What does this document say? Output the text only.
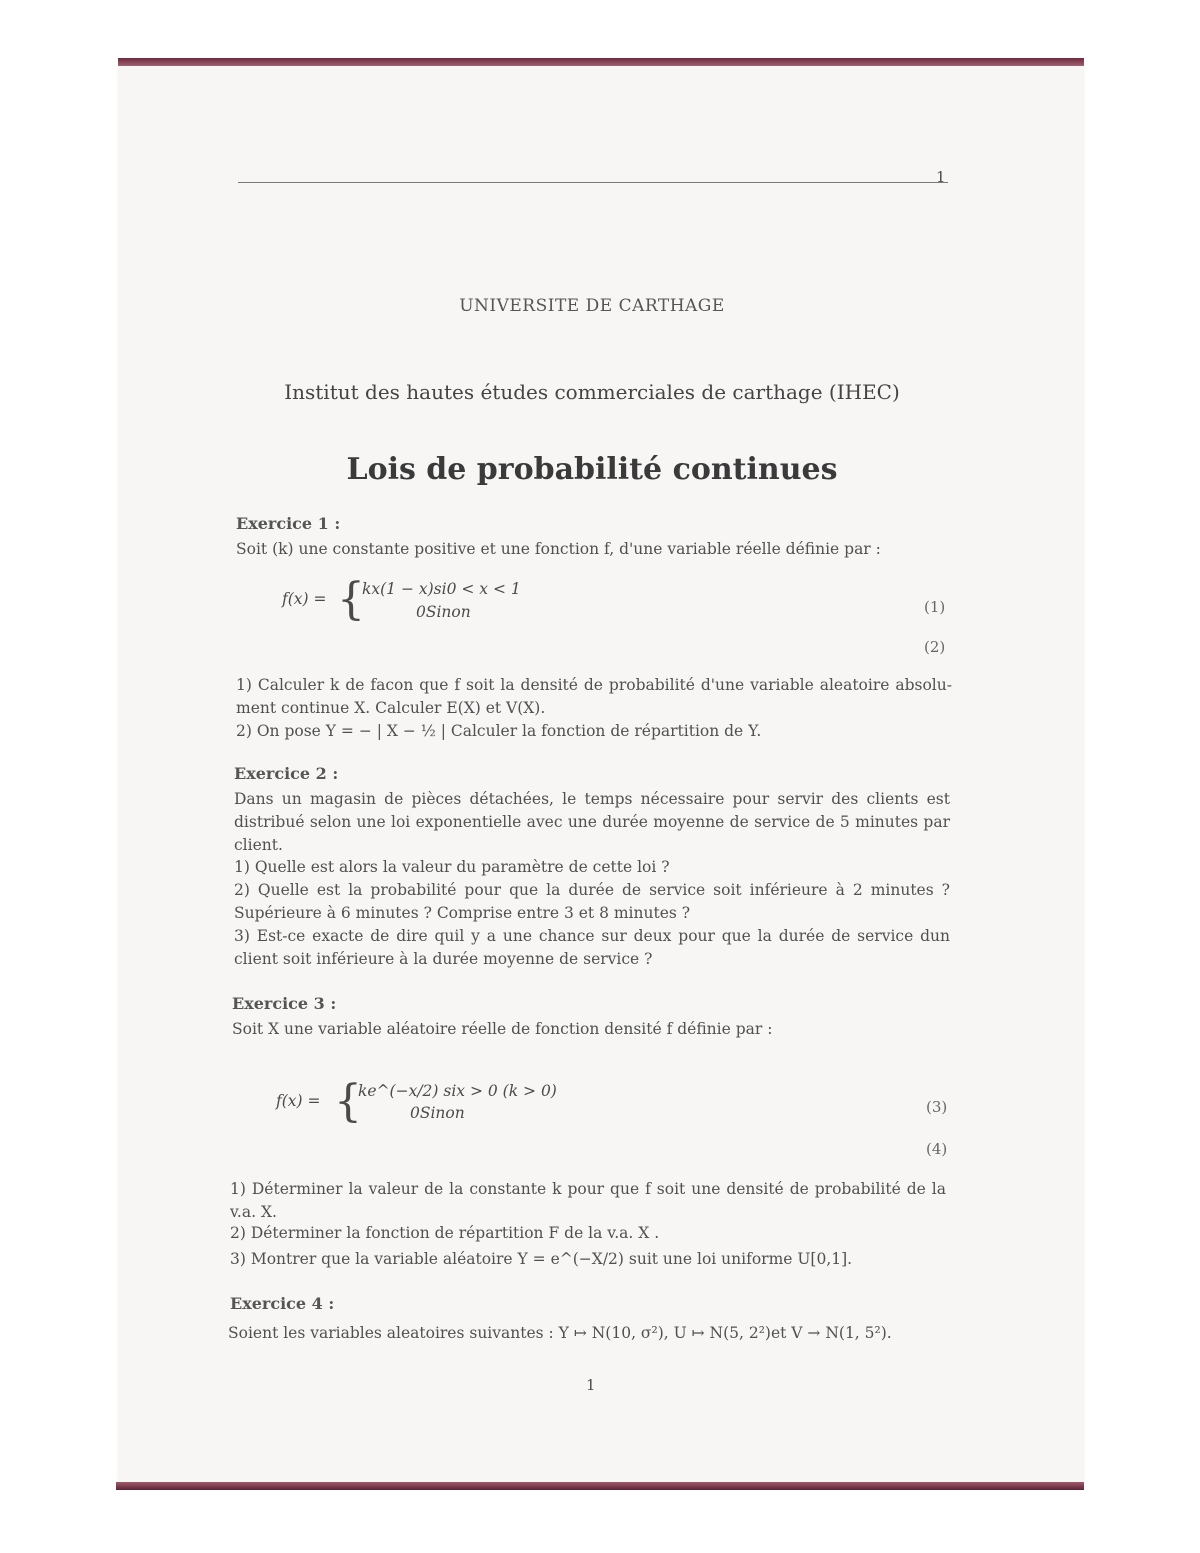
1
UNIVERSITE DE CARTHAGE
Institut des hautes études commerciales de carthage (IHEC)
Lois de probabilité continues
Exercice 1 :
Soit (k) une constante positive et une fonction f, d'une variable réelle définie par :
f(x) = {
kx(1 − x)si0 < x < 1
0Sinon	(1)
(2)
1) Calculer k de facon que f soit la densité de probabilité d'une variable aleatoire absolu-ment continue X. Calculer E(X) et V(X).
2) On pose Y = − | X − ½ | Calculer la fonction de répartition de Y.
Exercice 2 :
Dans un magasin de pièces détachées, le temps nécessaire pour servir des clients est distribué selon une loi exponentielle avec une durée moyenne de service de 5 minutes par client.
1) Quelle est alors la valeur du paramètre de cette loi ?
2) Quelle est la probabilité pour que la durée de service soit inférieure à 2 minutes ? Supérieure à 6 minutes ? Comprise entre 3 et 8 minutes ?
3) Est-ce exacte de dire quil y a une chance sur deux pour que la durée de service dun client soit inférieure à la durée moyenne de service ?
Exercice 3 :
Soit X une variable aléatoire réelle de fonction densité f définie par :
f(x) = {
ke^(−x/2) six > 0 (k > 0)
0Sinon	(3)
(4)
1) Déterminer la valeur de la constante k pour que f soit une densité de probabilité de la v.a. X.
2) Déterminer la fonction de répartition F de la v.a. X .
3) Montrer que la variable aléatoire Y = e^(−X/2) suit une loi uniforme U[0,1].
Exercice 4 :
Soient les variables aleatoires suivantes : Y ↦ N(10, σ²), U ↦ N(5, 2²)et V → N(1, 5²).
1
